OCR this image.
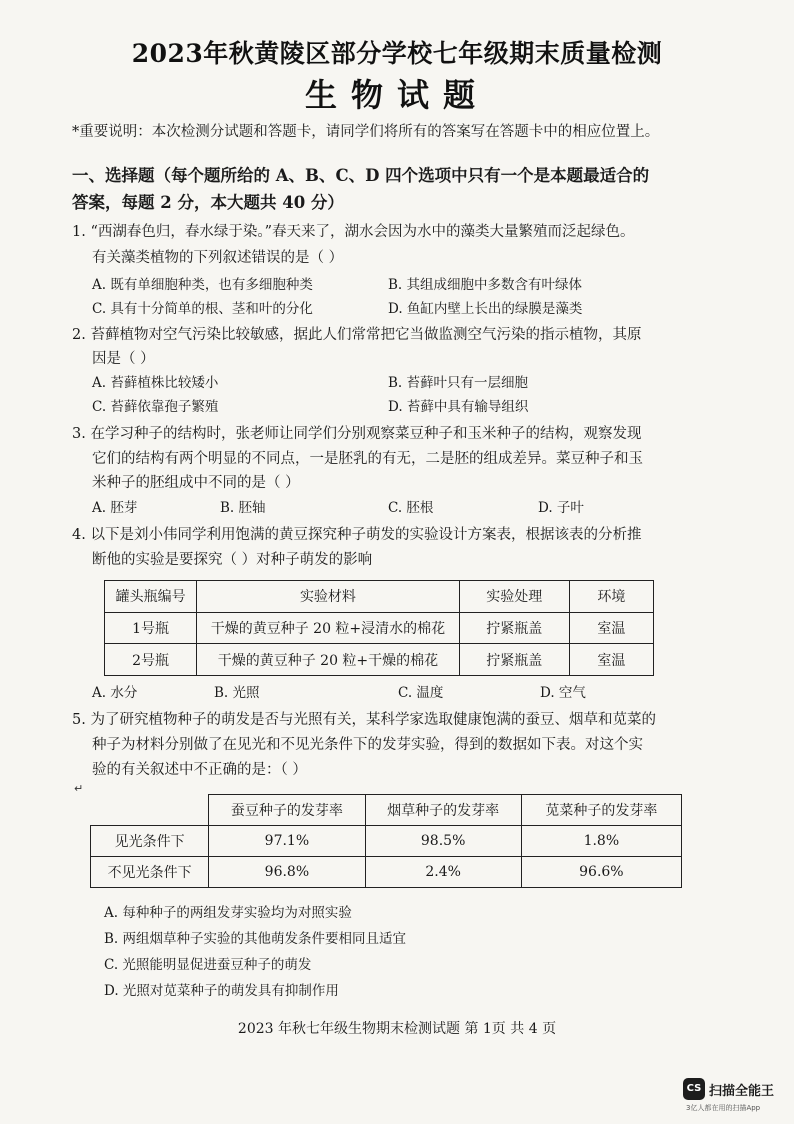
2023年秋黄陵区部分学校七年级期末质量检测
生物试题
*重要说明：本次检测分试题和答题卡，请同学们将所有的答案写在答题卡中的相应位置上。
一、选择题（每个题所给的 A、B、C、D 四个选项中只有一个是本题最适合的
答案，每题 2 分，本大题共 40 分）
1. “西湖春色归，春水绿于染。”春天来了，湖水会因为水中的藻类大量繁殖而泛起绿色。
有关藻类植物的下列叙述错误的是（ ）
A. 既有单细胞种类，也有多细胞种类	B. 其组成细胞中多数含有叶绿体
C. 具有十分简单的根、茎和叶的分化	D. 鱼缸内壁上长出的绿膜是藻类
2. 苔藓植物对空气污染比较敏感，据此人们常常把它当做监测空气污染的指示植物，其原
因是（ ）
A. 苔藓植株比较矮小	B. 苔藓叶只有一层细胞
C. 苔藓依靠孢子繁殖	D. 苔藓中具有输导组织
3. 在学习种子的结构时，张老师让同学们分别观察菜豆种子和玉米种子的结构，观察发现
它们的结构有两个明显的不同点，一是胚乳的有无，二是胚的组成差异。菜豆种子和玉
米种子的胚组成中不同的是（ ）
A. 胚芽	B. 胚轴	C. 胚根	D. 子叶
4. 以下是刘小伟同学利用饱满的黄豆探究种子萌发的实验设计方案表，根据该表的分析推
断他的实验是要探究（ ）对种子萌发的影响
罐头瓶编号	实验材料	实验处理	环境
1号瓶	干燥的黄豆种子 20 粒+浸清水的棉花	拧紧瓶盖	室温
2号瓶	干燥的黄豆种子 20 粒+干燥的棉花	拧紧瓶盖	室温
A. 水分	B. 光照	C. 温度	D. 空气
5. 为了研究植物种子的萌发是否与光照有关，某科学家选取健康饱满的蚕豆、烟草和苋菜的
种子为材料分别做了在见光和不见光条件下的发芽实验，得到的数据如下表。对这个实
验的有关叙述中不正确的是：（ ）
↵
	蚕豆种子的发芽率	烟草种子的发芽率	苋菜种子的发芽率
见光条件下	97.1%	98.5%	1.8%
不见光条件下	96.8%	2.4%	96.6%
A. 每种种子的两组发芽实验均为对照实验
B. 两组烟草种子实验的其他萌发条件要相同且适宜
C. 光照能明显促进蚕豆种子的萌发
D. 光照对苋菜种子的萌发具有抑制作用
2023 年秋七年级生物期末检测试题 第 1页 共 4 页
CS 扫描全能王
3亿人都在用的扫描App
